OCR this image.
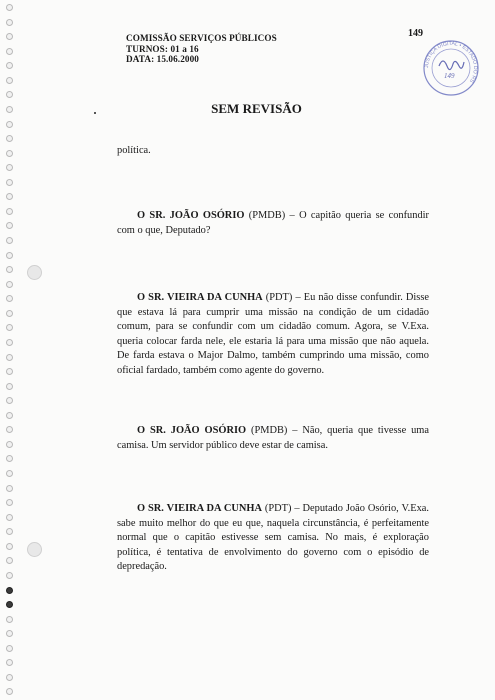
COMISSÃO SERVIÇOS PÚBLICOS
TURNOS: 01 a 16
DATA: 15.06.2000
149
JUSTIÇA DIGITAL • ESTADO DO RS
149
SEM REVISÃO
política.

O SR. JOÃO OSÓRIO (PMDB) – O capitão queria se confundir com o que, Deputado?

O SR. VIEIRA DA CUNHA (PDT) – Eu não disse confundir. Disse que estava lá para cumprir uma missão na condição de um cidadão comum, para se confundir com um cidadão comum. Agora, se V.Exa. queria colocar farda nele, ele estaria lá para uma missão que não aquela. De farda estava o Major Dalmo, também cumprindo uma missão, como oficial fardado, também como agente do governo.

O SR. JOÃO OSÓRIO (PMDB) – Não, queria que tivesse uma camisa. Um servidor público deve estar de camisa.

O SR. VIEIRA DA CUNHA (PDT) – Deputado João Osório, V.Exa. sabe muito melhor do que eu que, naquela circunstância, é perfeitamente normal que o capitão estivesse sem camisa. No mais, é exploração política, é tentativa de envolvimento do governo com o episódio de depredação.
